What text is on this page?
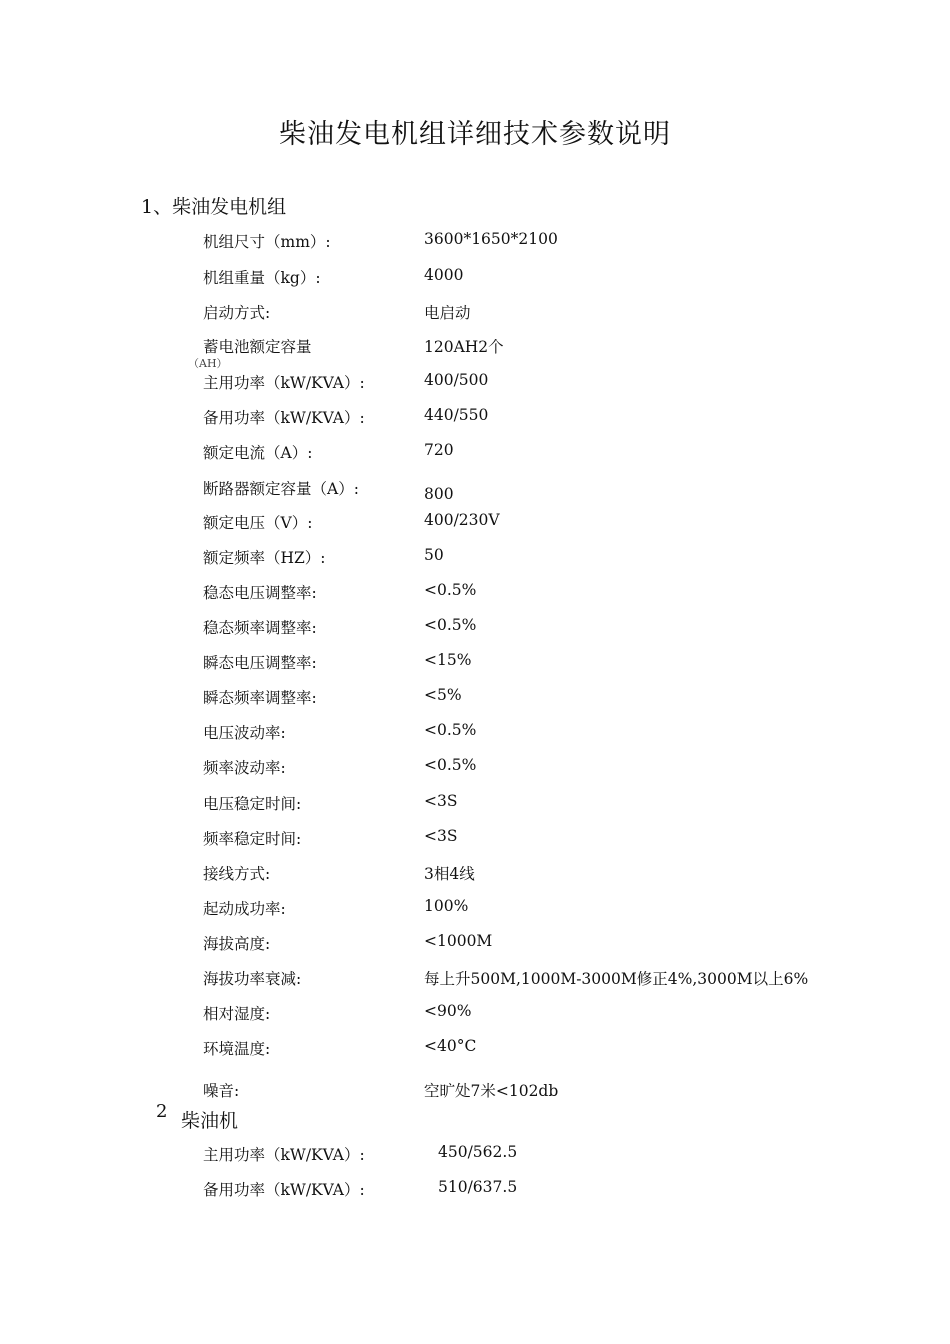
柴油发电机组详细技术参数说明
1、柴油发电机组
机组尺寸（mm）:	3600*1650*2100
机组重量（kg）:	4000
启动方式:	电启动
蓄电池额定容量	120AH2个
（AH）
主用功率（kW/KVA）:	400/500
备用功率（kW/KVA）:	440/550
额定电流（A）:	720
断路器额定容量（A）:	800
额定电压（V）:	400/230V
额定频率（HZ）:	50
稳态电压调整率:	<0.5%
稳态频率调整率:	<0.5%
瞬态电压调整率:	<15%
瞬态频率调整率:	<5%
电压波动率:	<0.5%
频率波动率:	<0.5%
电压稳定时间:	<3S
频率稳定时间:	<3S
接线方式:	3相4线
起动成功率:	100%
海拔高度:	<1000M
海拔功率衰减:	每上升500M,1000M-3000M修正4%,3000M以上6%
相对湿度:	<90%
环境温度:	<40°C
噪音:	空旷处7米<102db
2 柴油机
主用功率（kW/KVA）:	450/562.5
备用功率（kW/KVA）:	510/637.5
